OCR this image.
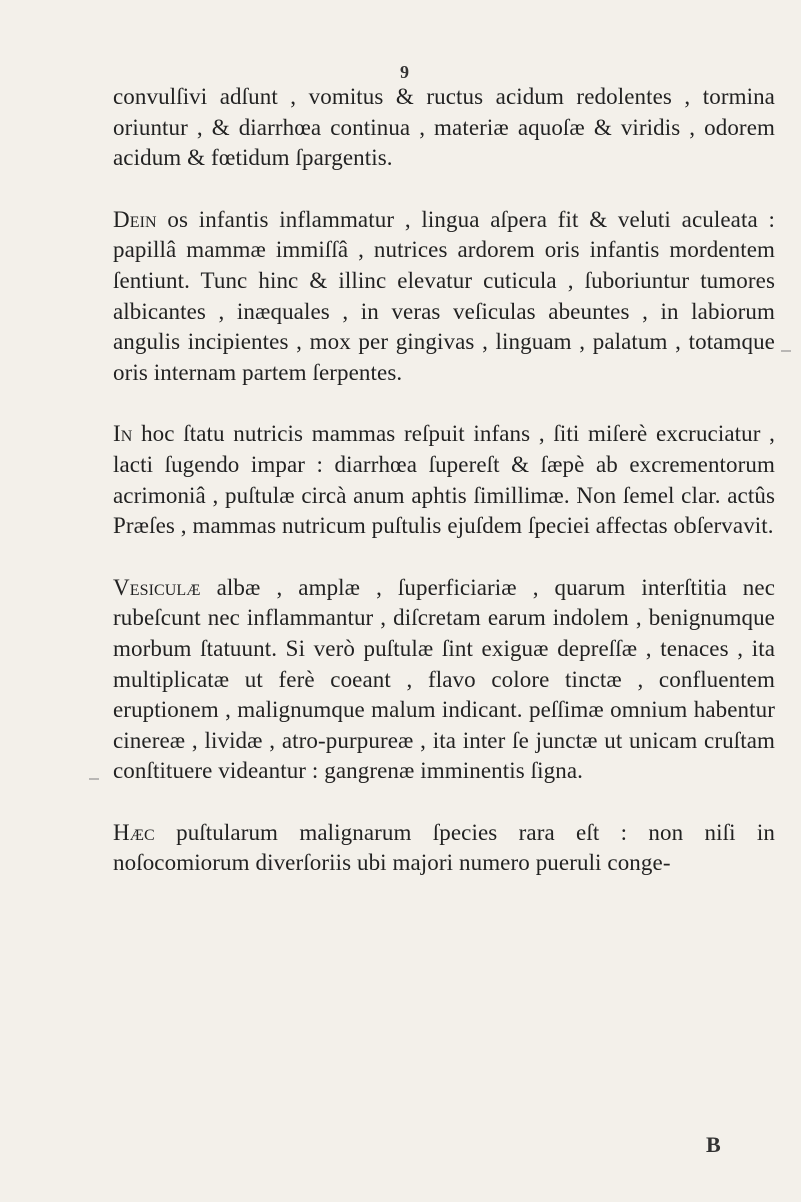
9

convulſivi adſunt , vomitus & ructus acidum redolentes , tormina oriuntur , & diarrhœa continua , materiæ aquoſæ & viridis , odorem acidum & fœtidum ſpargentis.

Dein os infantis inflammatur , lingua aſpera fit & veluti aculeata : papillâ mammæ immiſſâ , nutrices ardorem oris infantis mordentem ſentiunt. Tunc hinc & illinc elevatur cuticula , ſuboriuntur tumores albicantes , inæquales , in veras veſiculas abeuntes , in labiorum angulis incipientes , mox per gingivas , linguam , palatum , totamque oris internam partem ſerpentes.

In hoc ſtatu nutricis mammas reſpuit infans , ſiti miſerè excruciatur , lacti ſugendo impar : diarrhœa ſupereſt & ſæpè ab excrementorum acrimoniâ , puſtulæ circà anum aphtis ſimillimæ. Non ſemel clar. actûs Præſes , mammas nutricum puſtulis ejuſdem ſpeciei affectas obſervavit.

Vesiculæ albæ , amplæ , ſuperficiariæ , quarum interſtitia nec rubeſcunt nec inflammantur , diſcretam earum indolem , benignumque morbum ſtatuunt. Si verò puſtulæ ſint exiguæ depreſſæ , tenaces , ita multiplicatæ ut ferè coeant , flavo colore tinctæ , confluentem eruptionem , malignumque malum indicant. peſſimæ omnium habentur cinereæ , lividæ , atro-purpureæ , ita inter ſe junctæ ut unicam cruſtam conſtituere videantur : gangrenæ imminentis ſigna.

Hæc puſtularum malignarum ſpecies rara eſt : non niſi in noſocomiorum diverſoriis ubi majori numero pueruli conge-

B
